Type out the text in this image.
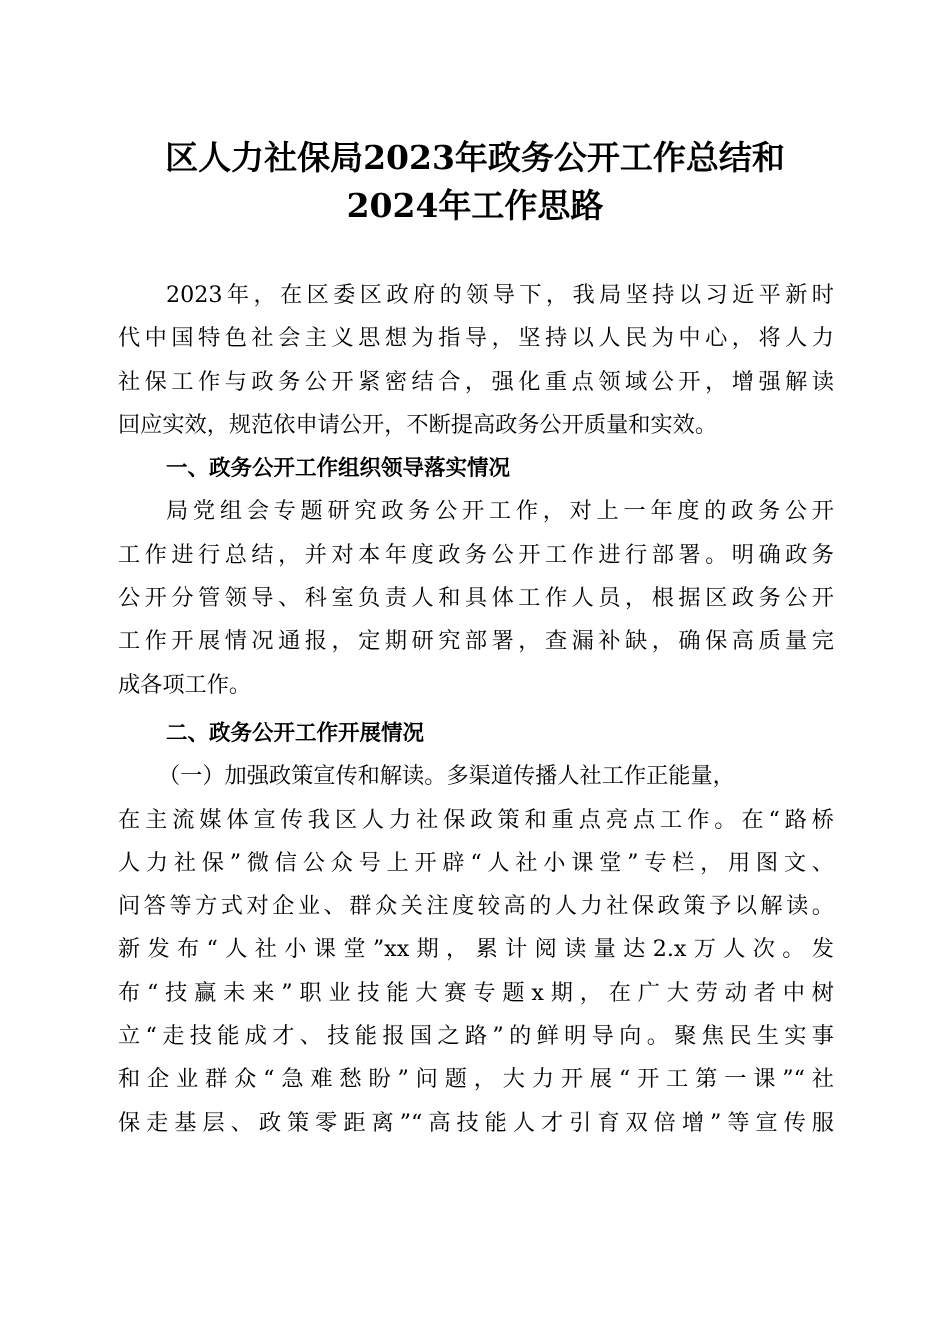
区人力社保局2023年政务公开工作总结和
2024年工作思路
2023年，在区委区政府的领导下，我局坚持以习近平新时
代中国特色社会主义思想为指导，坚持以人民为中心，将人力
社保工作与政务公开紧密结合，强化重点领域公开，增强解读
回应实效，规范依申请公开，不断提高政务公开质量和实效。
一、政务公开工作组织领导落实情况
局党组会专题研究政务公开工作，对上一年度的政务公开
工作进行总结，并对本年度政务公开工作进行部署。明确政务
公开分管领导、科室负责人和具体工作人员，根据区政务公开
工作开展情况通报，定期研究部署，查漏补缺，确保高质量完
成各项工作。
二、政务公开工作开展情况
（一）加强政策宣传和解读。多渠道传播人社工作正能量，
在主流媒体宣传我区人力社保政策和重点亮点工作。在“路桥
人力社保”微信公众号上开辟“人社小课堂”专栏，用图文、
问答等方式对企业、群众关注度较高的人力社保政策予以解读。
新发布“人社小课堂”xx期，累计阅读量达2.x万人次。发
布“技赢未来”职业技能大赛专题x期，在广大劳动者中树
立“走技能成才、技能报国之路”的鲜明导向。聚焦民生实事
和企业群众“急难愁盼”问题，大力开展“开工第一课”“社
保走基层、政策零距离”“高技能人才引育双倍增”等宣传服
